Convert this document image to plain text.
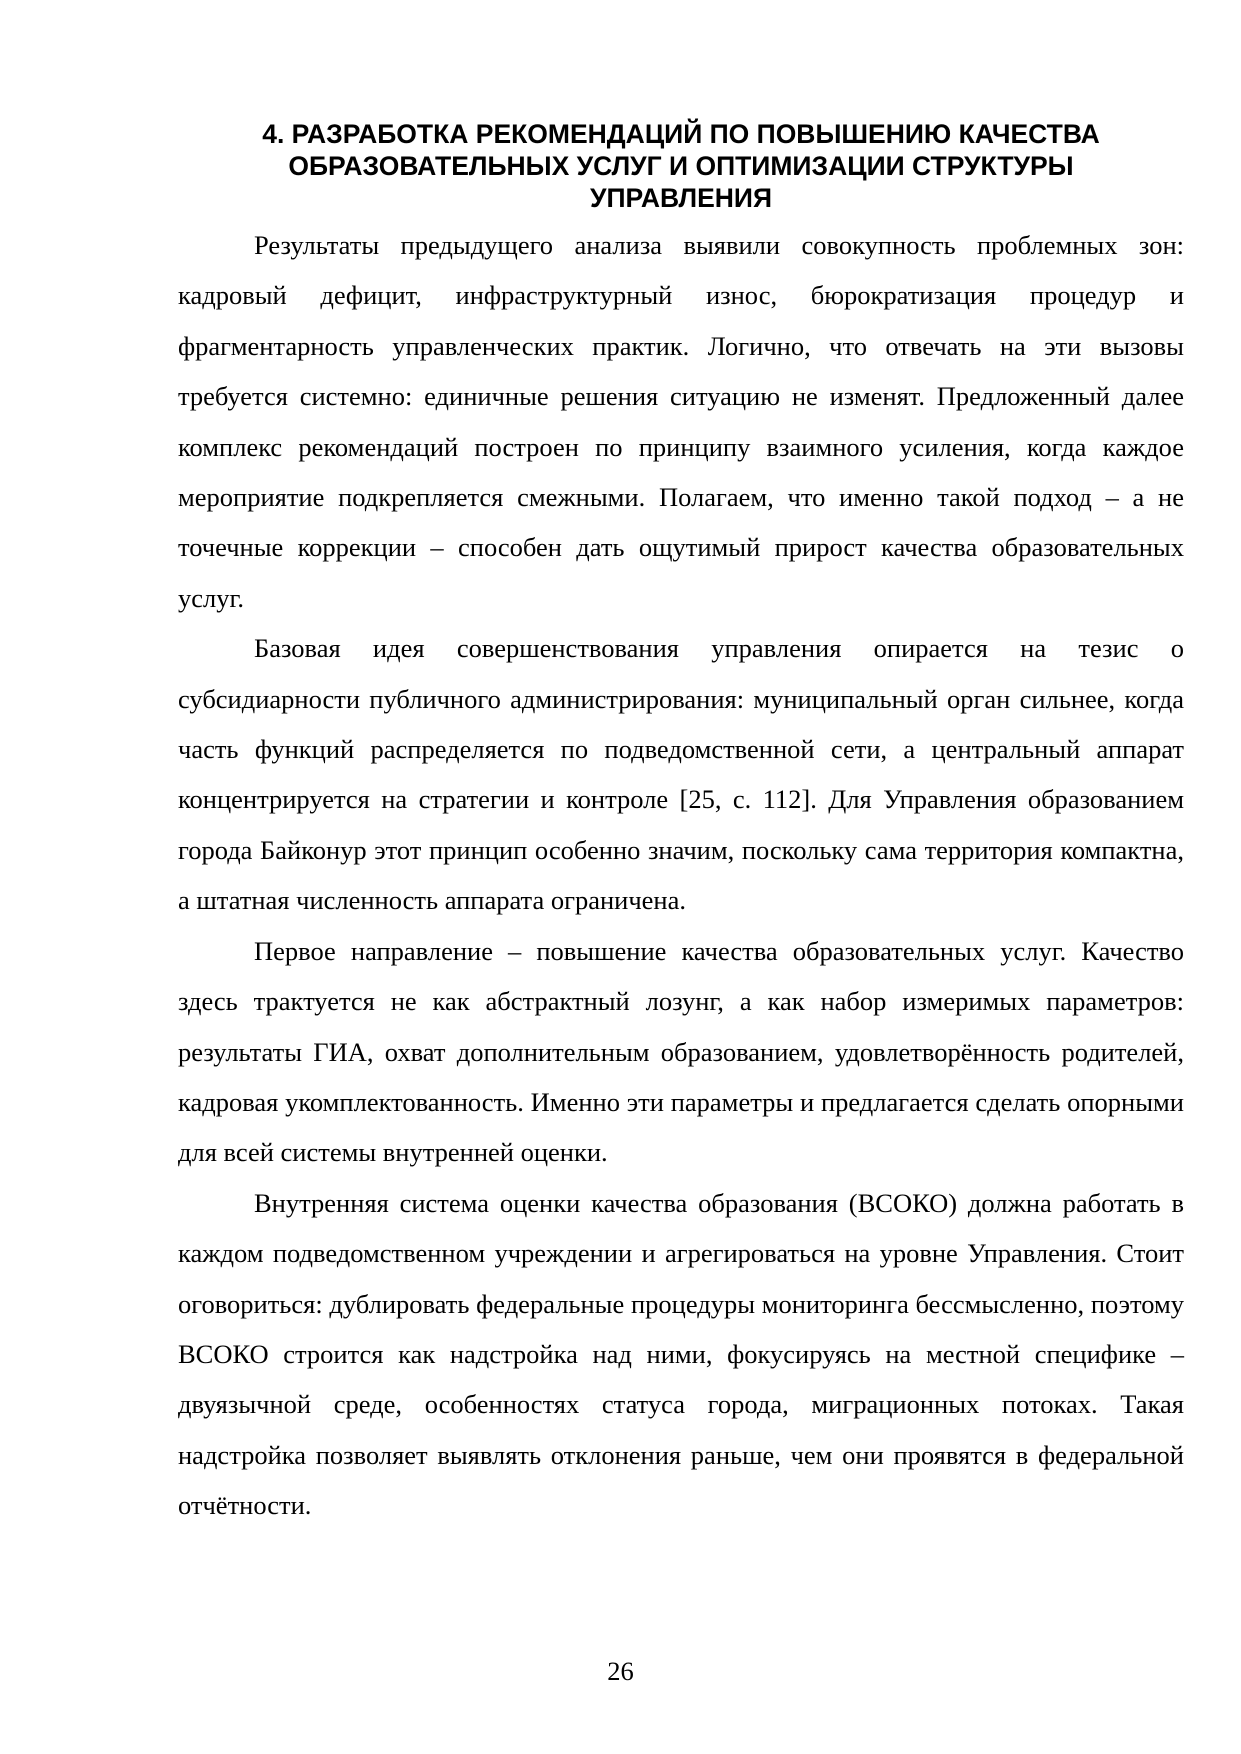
4. РАЗРАБОТКА РЕКОМЕНДАЦИЙ ПО ПОВЫШЕНИЮ КАЧЕСТВА
ОБРАЗОВАТЕЛЬНЫХ УСЛУГ И ОПТИМИЗАЦИИ СТРУКТУРЫ
УПРАВЛЕНИЯ

Результаты предыдущего анализа выявили совокупность проблемных зон: кадровый дефицит, инфраструктурный износ, бюрократизация процедур и фрагментарность управленческих практик. Логично, что отвечать на эти вызовы требуется системно: единичные решения ситуацию не изменят. Предложенный далее комплекс рекомендаций построен по принципу взаимного усиления, когда каждое мероприятие подкрепляется смежными. Полагаем, что именно такой подход – а не точечные коррекции – способен дать ощутимый прирост качества образовательных услуг.

Базовая идея совершенствования управления опирается на тезис о субсидиарности публичного администрирования: муниципальный орган сильнее, когда часть функций распределяется по подведомственной сети, а центральный аппарат концентрируется на стратегии и контроле [25, с. 112]. Для Управления образованием города Байконур этот принцип особенно значим, поскольку сама территория компактна, а штатная численность аппарата ограничена.

Первое направление – повышение качества образовательных услуг. Качество здесь трактуется не как абстрактный лозунг, а как набор измеримых параметров: результаты ГИА, охват дополнительным образованием, удовлетворённость родителей, кадровая укомплектованность. Именно эти параметры и предлагается сделать опорными для всей системы внутренней оценки.

Внутренняя система оценки качества образования (ВСОКО) должна работать в каждом подведомственном учреждении и агрегироваться на уровне Управления. Стоит оговориться: дублировать федеральные процедуры мониторинга бессмысленно, поэтому ВСОКО строится как надстройка над ними, фокусируясь на местной специфике – двуязычной среде, особенностях статуса города, миграционных потоках. Такая надстройка позволяет выявлять отклонения раньше, чем они проявятся в федеральной отчётности.

26
